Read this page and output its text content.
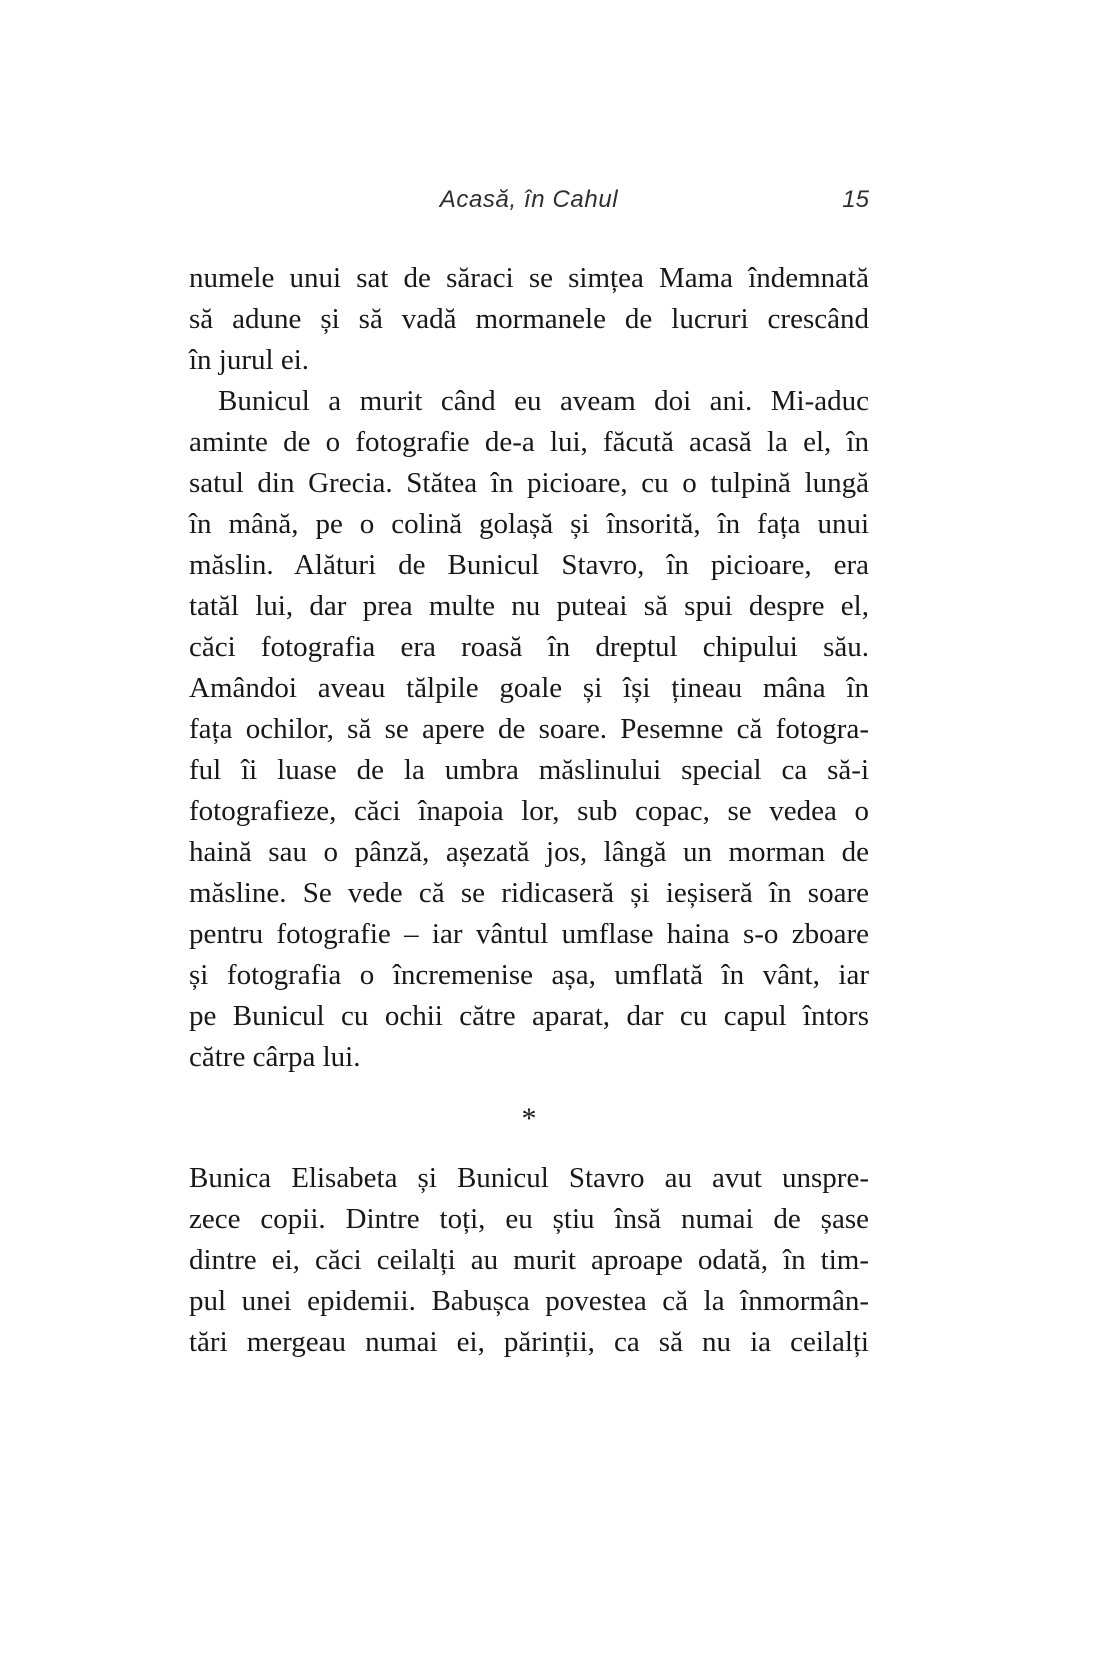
Acasă, în Cahul	15
numele unui sat de săraci se simțea Mama îndemnată
să adune și să vadă mormanele de lucruri crescând
în jurul ei.
Bunicul a murit când eu aveam doi ani. Mi-aduc
aminte de o fotografie de-a lui, făcută acasă la el, în
satul din Grecia. Stătea în picioare, cu o tulpină lungă
în mână, pe o colină golașă și însorită, în fața unui
măslin. Alături de Bunicul Stavro, în picioare, era
tatăl lui, dar prea multe nu puteai să spui despre el,
căci fotografia era roasă în dreptul chipului său.
Amândoi aveau tălpile goale și își țineau mâna în
fața ochilor, să se apere de soare. Pesemne că fotogra-
ful îi luase de la umbra măslinului special ca să-i
fotografieze, căci înapoia lor, sub copac, se vedea o
haină sau o pânză, așezată jos, lângă un morman de
măsline. Se vede că se ridicaseră și ieșiseră în soare
pentru fotografie – iar vântul umflase haina s-o zboare
și fotografia o încremenise așa, umflată în vânt, iar
pe Bunicul cu ochii către aparat, dar cu capul întors
către cârpa lui.
*
Bunica Elisabeta și Bunicul Stavro au avut unspre-
zece copii. Dintre toți, eu știu însă numai de șase
dintre ei, căci ceilalți au murit aproape odată, în tim-
pul unei epidemii. Babușca povestea că la înmormân-
tări mergeau numai ei, părinții, ca să nu ia ceilalți
